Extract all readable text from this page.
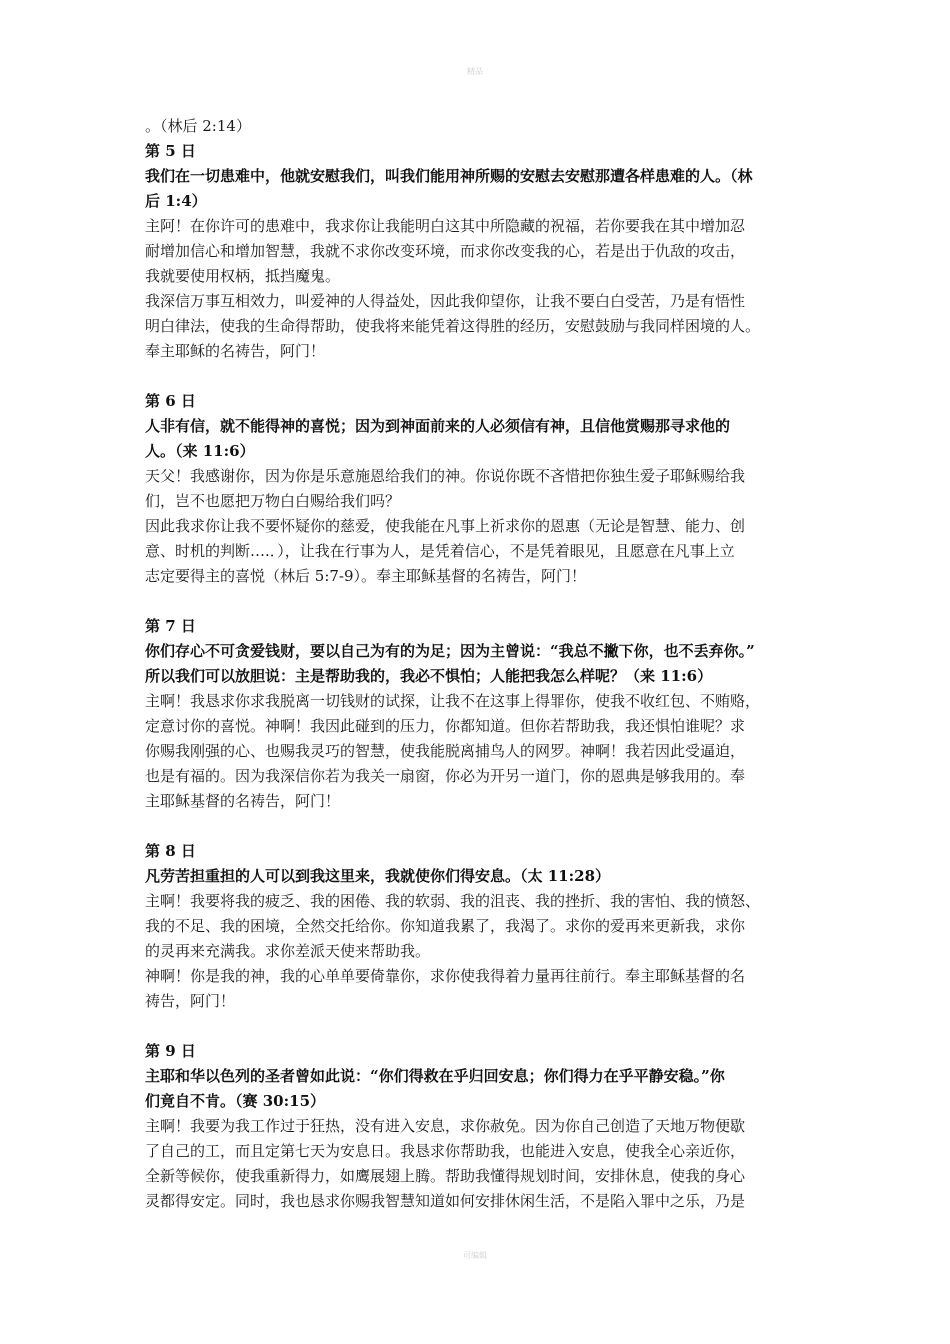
精品
。（林后 2:14）
第 5 日
我们在一切患难中，他就安慰我们，叫我们能用神所赐的安慰去安慰那遭各样患难的人。（林
后 1:4）
主阿！在你许可的患难中，我求你让我能明白这其中所隐藏的祝福，若你要我在其中增加忍
耐增加信心和增加智慧，我就不求你改变环境，而求你改变我的心，若是出于仇敌的攻击，
我就要使用权柄，抵挡魔鬼。
我深信万事互相效力，叫爱神的人得益处，因此我仰望你，让我不要白白受苦，乃是有悟性
明白律法，使我的生命得帮助，使我将来能凭着这得胜的经历，安慰鼓励与我同样困境的人。
奉主耶稣的名祷告，阿门！
第 6 日
人非有信，就不能得神的喜悦；因为到神面前来的人必须信有神，且信他赏赐那寻求他的
人。（来 11:6）
天父！我感谢你，因为你是乐意施恩给我们的神。你说你既不吝惜把你独生爱子耶稣赐给我
们，岂不也愿把万物白白赐给我们吗？
因此我求你让我不要怀疑你的慈爱，使我能在凡事上祈求你的恩惠（无论是智慧、能力、创
意、时机的判断….．），让我在行事为人，是凭着信心，不是凭着眼见，且愿意在凡事上立
志定要得主的喜悦（林后 5:7-9）。奉主耶稣基督的名祷告，阿门！
第 7 日
你们存心不可贪爱钱财，要以自己为有的为足；因为主曾说：“我总不撇下你，也不丢弃你。”
所以我们可以放胆说：主是帮助我的，我必不惧怕；人能把我怎么样呢？（来 11:6）
主啊！我恳求你求我脱离一切钱财的试探，让我不在这事上得罪你，使我不收红包、不贿赂，
定意讨你的喜悦。神啊！我因此碰到的压力，你都知道。但你若帮助我，我还惧怕谁呢？求
你赐我刚强的心、也赐我灵巧的智慧，使我能脱离捕鸟人的网罗。神啊！我若因此受逼迫，
也是有福的。因为我深信你若为我关一扇窗，你必为开另一道门，你的恩典是够我用的。奉
主耶稣基督的名祷告，阿门！
第 8 日
凡劳苦担重担的人可以到我这里来，我就使你们得安息。（太 11:28）
主啊！我要将我的疲乏、我的困倦、我的软弱、我的沮丧、我的挫折、我的害怕、我的愤怒、
我的不足、我的困境，全然交托给你。你知道我累了，我渴了。求你的爱再来更新我，求你
的灵再来充满我。求你差派天使来帮助我。
神啊！你是我的神，我的心单单要倚靠你，求你使我得着力量再往前行。奉主耶稣基督的名
祷告，阿门！
第 9 日
主耶和华以色列的圣者曾如此说：“你们得救在乎归回安息；你们得力在乎平静安稳。”你
们竟自不肯。（赛 30:15）
主啊！我要为我工作过于狂热，没有进入安息，求你赦免。因为你自己创造了天地万物便歇
了自己的工，而且定第七天为安息日。我恳求你帮助我，也能进入安息，使我全心亲近你，
全新等候你，使我重新得力，如鹰展翅上腾。帮助我懂得规划时间，安排休息，使我的身心
灵都得安定。同时，我也恳求你赐我智慧知道如何安排休闲生活，不是陷入罪中之乐，乃是
可编辑
